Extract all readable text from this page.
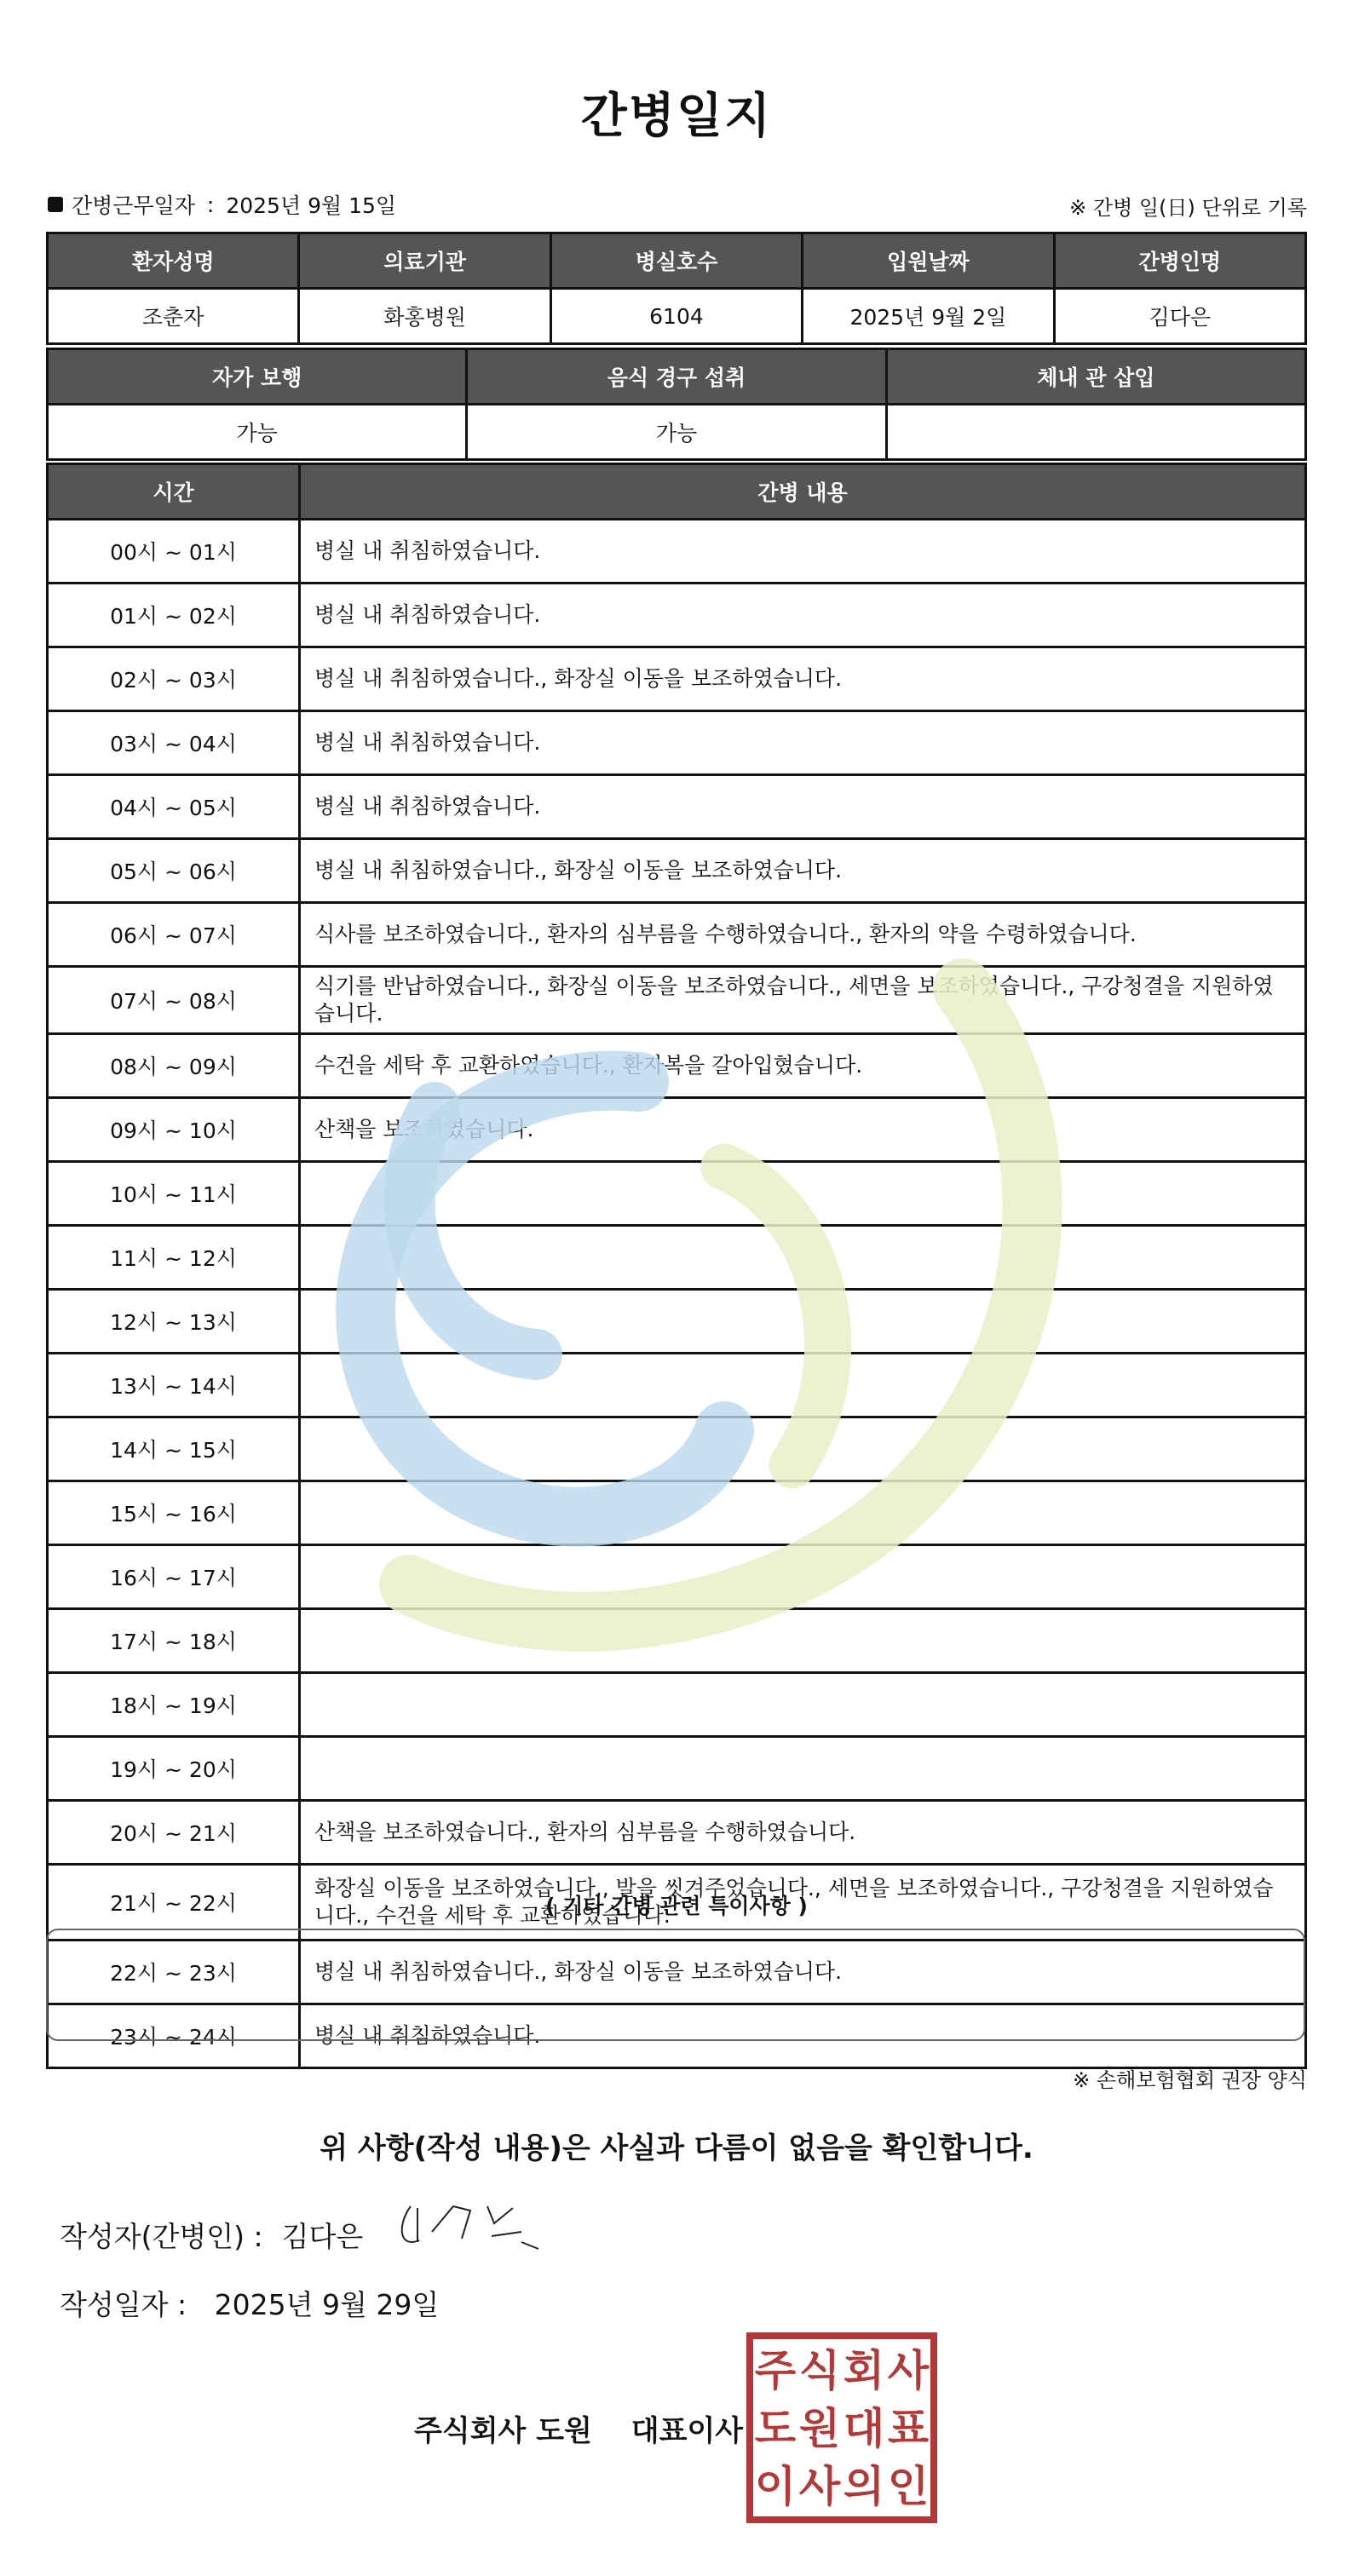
간병일지
간병근무일자 : 2025년 9월 15일	※ 간병 일(日) 단위로 기록
환자성명	의료기관	병실호수	입원날짜	간병인명
조춘자	화홍병원	6104	2025년 9월 2일	김다은
자가 보행	음식 경구 섭취	체내 관 삽입
가능	가능	
시간	간병 내용
00시 ~ 01시	병실 내 취침하였습니다.
01시 ~ 02시	병실 내 취침하였습니다.
02시 ~ 03시	병실 내 취침하였습니다., 화장실 이동을 보조하였습니다.
03시 ~ 04시	병실 내 취침하였습니다.
04시 ~ 05시	병실 내 취침하였습니다.
05시 ~ 06시	병실 내 취침하였습니다., 화장실 이동을 보조하였습니다.
06시 ~ 07시	식사를 보조하였습니다., 환자의 심부름을 수행하였습니다., 환자의 약을 수령하였습니다.
07시 ~ 08시	식기를 반납하였습니다., 화장실 이동을 보조하였습니다., 세면을 보조하였습니다., 구강청결을 지원하였습니다.
08시 ~ 09시	수건을 세탁 후 교환하였습니다., 환자복을 갈아입혔습니다.
09시 ~ 10시	산책을 보조하였습니다.
10시 ~ 11시	
11시 ~ 12시	
12시 ~ 13시	
13시 ~ 14시	
14시 ~ 15시	
15시 ~ 16시	
16시 ~ 17시	
17시 ~ 18시	
18시 ~ 19시	
19시 ~ 20시	
20시 ~ 21시	산책을 보조하였습니다., 환자의 심부름을 수행하였습니다.
21시 ~ 22시	화장실 이동을 보조하였습니다., 발을 씻겨주었습니다., 세면을 보조하였습니다., 구강청결을 지원하였습니다., 수건을 세탁 후 교환하였습니다.
22시 ~ 23시	병실 내 취침하였습니다., 화장실 이동을 보조하였습니다.
23시 ~ 24시	병실 내 취침하였습니다.
( 기타 간병 관련 특이사항 )
※ 손해보험협회 권장 양식
위 사항(작성 내용)은 사실과 다름이 없음을 확인합니다.
작성자(간병인) : 김다은
작성일자 : 2025년 9월 29일
주식회사 도원 대표이사
주 식 회 사
도 원 대 표
이 사 의 인
